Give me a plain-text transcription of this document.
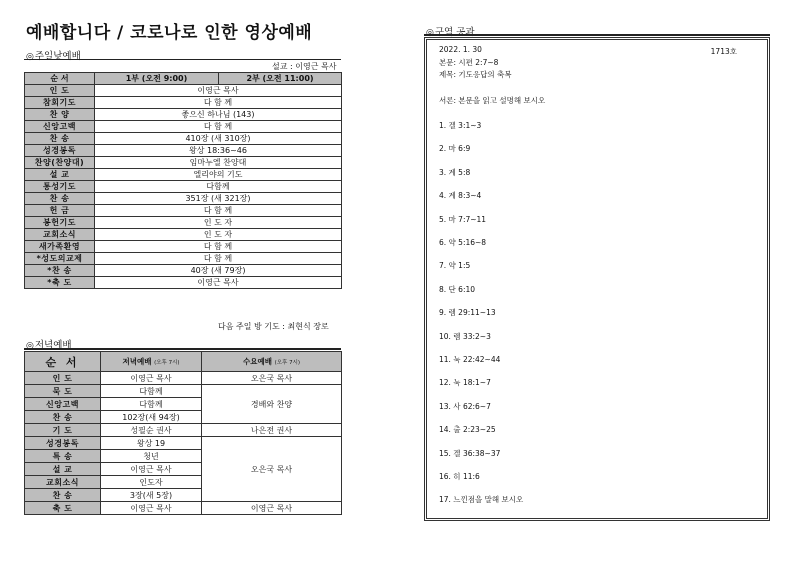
예배합니다 / 코로나로 인한 영상예배
◎주일낮예배
설교 : 이영근 목사
순 서	1부 (오전 9:00)	2부 (오전 11:00)
인 도	이영근 목사	
참회기도	다 함 께	
찬 양	좋으신 하나님 (143)	
신앙고백	다 함 께	
찬 송	410장 (새 310장)	
성경봉독	왕상 18:36~46	
찬양(찬양대)	임마누엘 찬양대	
설 교	엘리야의 기도	
통성기도	다함께	
찬 송	351장 (새 321장)	
헌 금	다 함 께	
봉헌기도	인 도 자	
교회소식	인 도 자	
새가족환영	다 함 께	
*성도의교제	다 함 께	
*찬 송	40장 (새 79장)	
*축 도	이영근 목사	
다음 주일 방 기도 : 최현식 장로
◎저녁예배
순 서	저녁예배 (오후 7시)	수요예배 (오후 7시)
인 도	이영근 목사	오은국 목사
묵 도	다함께	경배와 찬양
신앙고백	다함께	
찬 송	102장(새 94장)	
기 도	성필순 권사	나은전 권사
성경봉독	왕상 19	오은국 목사
특 송	청년	
설 교	이영근 목사	
교회소식	인도자	
찬 송	3장(새 5장)	
축 도	이영근 목사	이영근 목사
◎구역 공과
2022. 1. 30	1713호
본문: 시편 2:7~8
제목: 기도응답의 축복
서론: 본문을 읽고 설명해 보시오
1. 겔 3:1~3
2. 마 6:9
3. 계 5:8
4. 계 8:3~4
5. 마 7:7~11
6. 약 5:16~8
7. 약 1:5
8. 단 6:10
9. 렘 29:11~13
10. 렘 33:2~3
11. 눅 22:42~44
12. 눅 18:1~7
13. 사 62:6~7
14. 출 2:23~25
15. 겔 36:38~37
16. 히 11:6
17. 느낀점을 말해 보시오
